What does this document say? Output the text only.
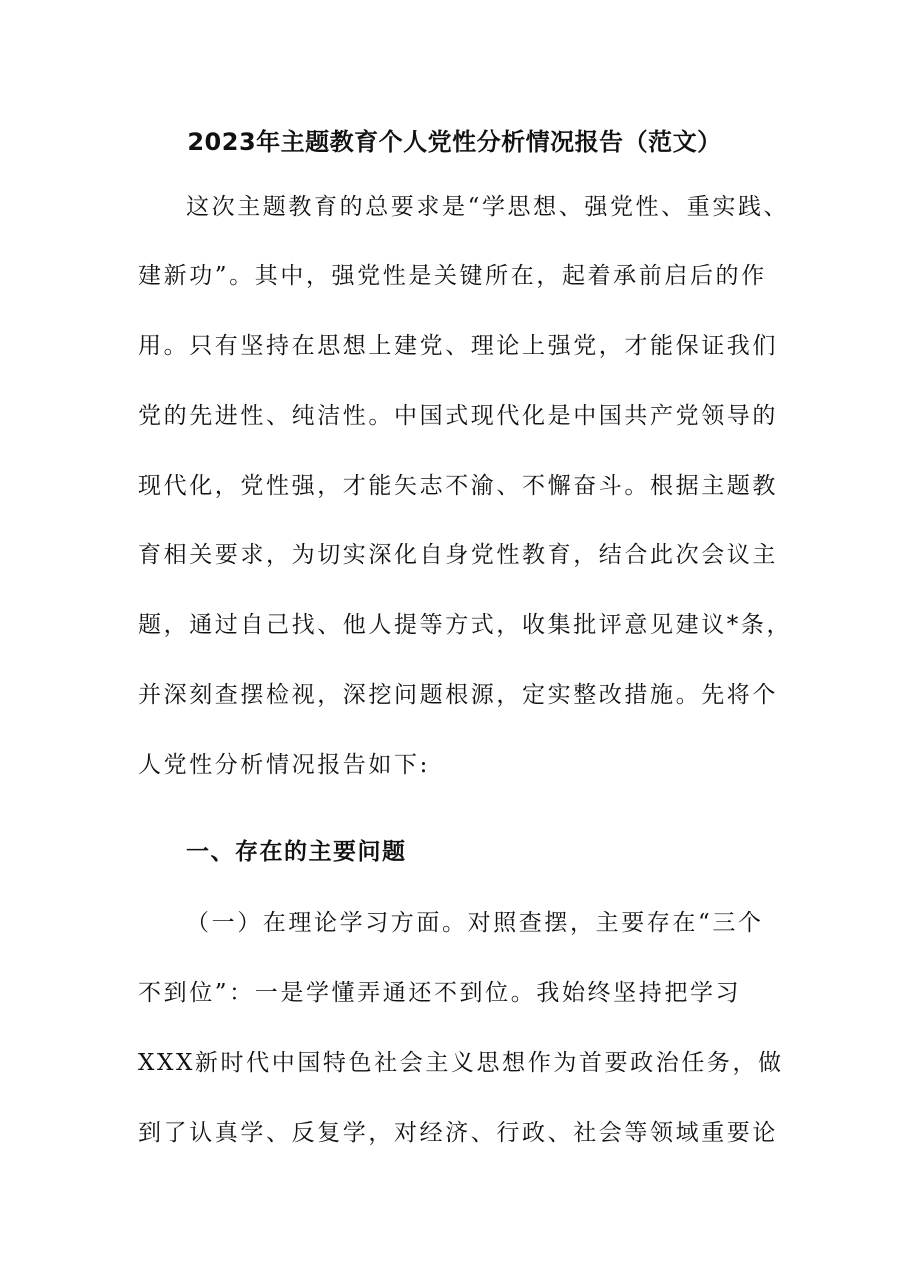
2023年主题教育个人党性分析情况报告（范文）
这次主题教育的总要求是“学思想、强党性、重实践、
建新功”。其中，强党性是关键所在，起着承前启后的作
用。只有坚持在思想上建党、理论上强党，才能保证我们
党的先进性、纯洁性。中国式现代化是中国共产党领导的
现代化，党性强，才能矢志不渝、不懈奋斗。根据主题教
育相关要求，为切实深化自身党性教育，结合此次会议主
题，通过自己找、他人提等方式，收集批评意见建议*条，
并深刻查摆检视，深挖问题根源，定实整改措施。先将个
人党性分析情况报告如下:
一、存在的主要问题
（一）在理论学习方面。对照查摆，主要存在“三个
不到位”：一是学懂弄通还不到位。我始终坚持把学习
XXX新时代中国特色社会主义思想作为首要政治任务，做
到了认真学、反复学，对经济、行政、社会等领域重要论
